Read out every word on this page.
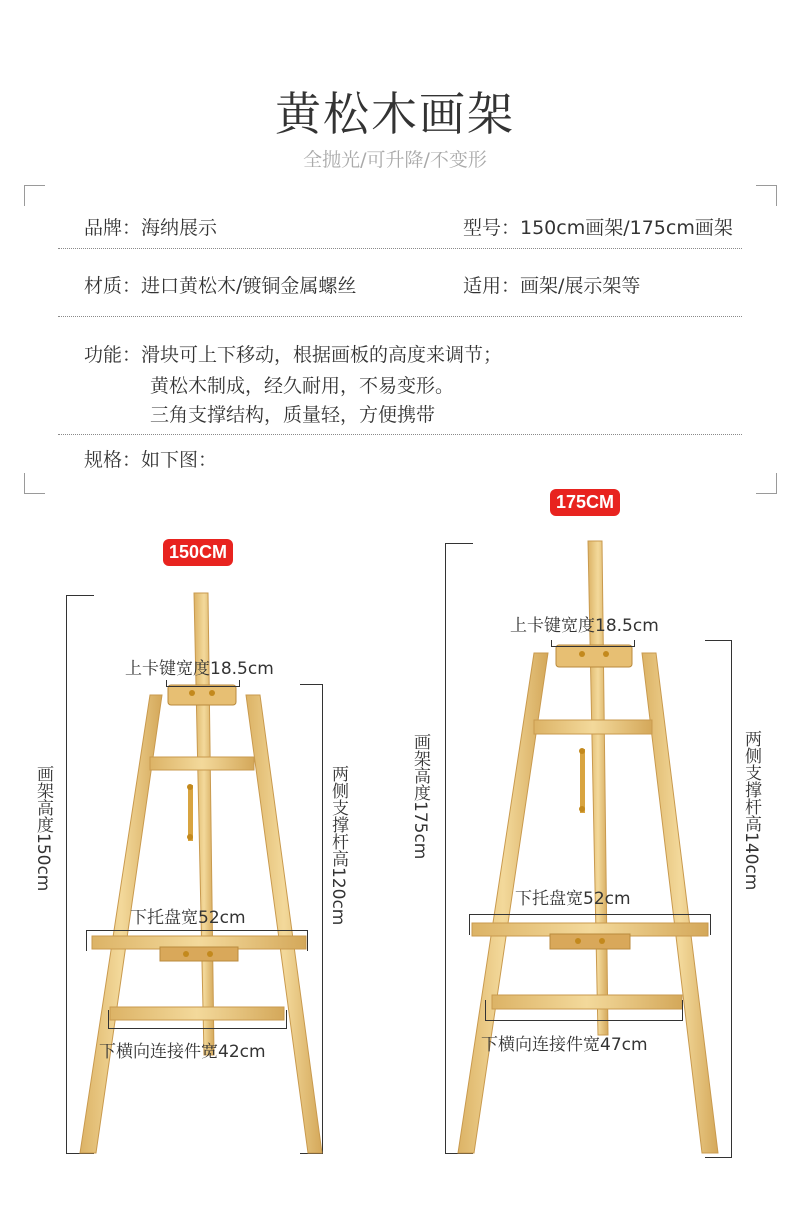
黄松木画架
全抛光/可升降/不变形
品牌：海纳展示	型号：150cm画架/175cm画架
材质：进口黄松木/镀铜金属螺丝	适用：画架/展示架等
功能：滑块可上下移动，根据画板的高度来调节；
黄松木制成，经久耐用，不易变形。
三角支撑结构，质量轻，方便携带
规格：如下图：
150CM
画架高度150cm	两侧支撑杆高120cm
上卡键宽度18.5cm
下托盘宽52cm
下横向连接件宽42cm
175CM
画架高度175cm	两侧支撑杆高140cm
上卡键宽度18.5cm
下托盘宽52cm
下横向连接件宽47cm
